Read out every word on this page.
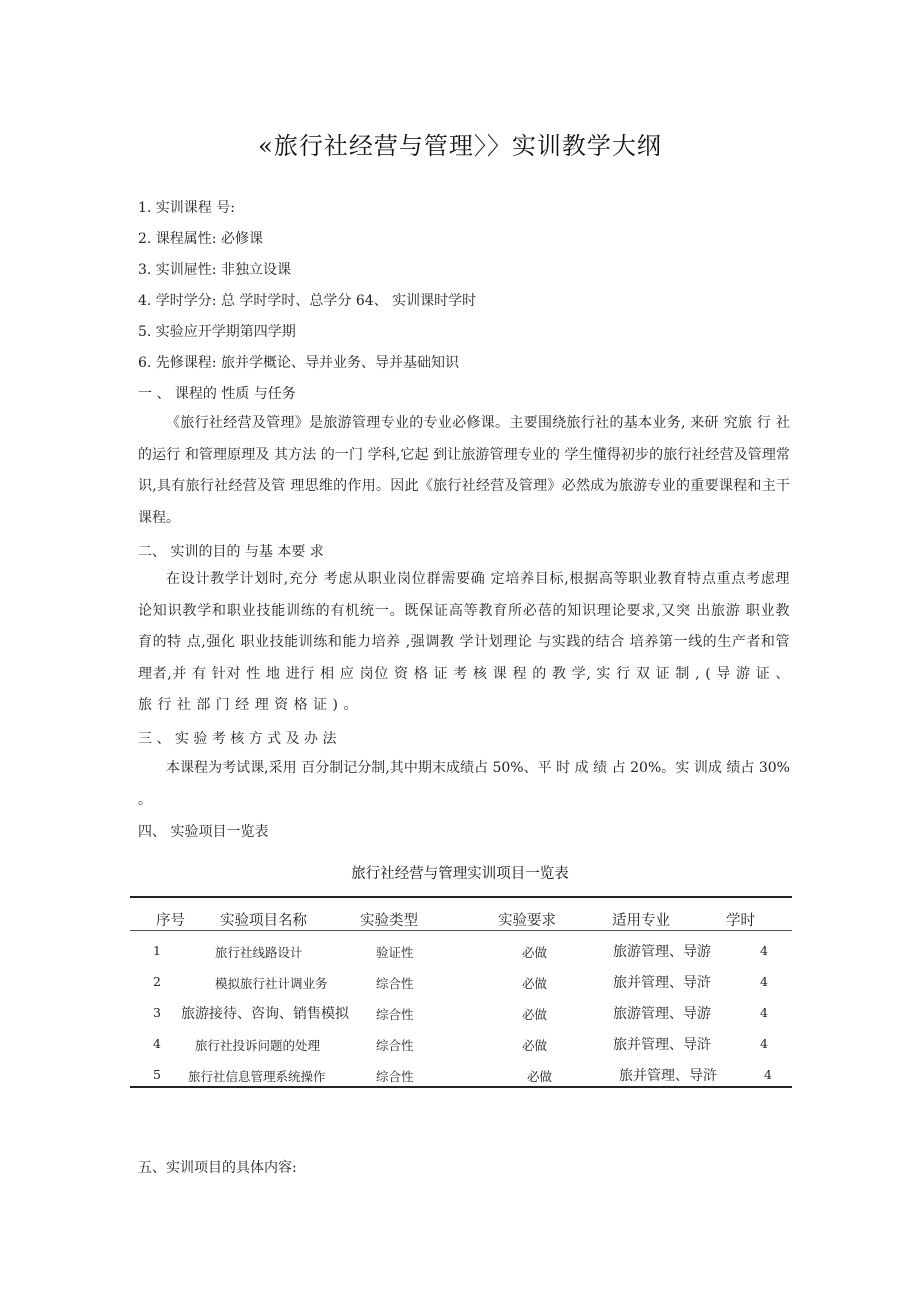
«旅行社经营与管理〉〉实训教学大纲
1. 实训课程 号:
2. 课程属性: 必修课
3. 实训屉性: 非独立设课
4. 学时学分: 总 学时学时、总学分 64、 实训课时学时
5. 实验应开学期第四学期
6. 先修课程: 旅并学概论、导并业务、导并基础知识
一 、 课程的 性质 与任务
《旅行社经营及管理》是旅游管理专业的专业必修课。主要围绕旅行社的基本业务, 来研 究旅 行 社的运行 和管理原理及 其方法 的一门 学科,它起 到让旅游管理专业的 学生懂得初步的旅行社经营及管理常识,具有旅行社经营及管 理思维的作用。因此《旅行社经营及管理》必然成为旅游专业的重要课程和主干课程。
二、 实训的目的 与基 本要 求
在设计教学计划时,充分 考虑从职业岗位群需要确 定培养目标,根据高等职业教育特点重点考虑理论知识教学和职业技能训练的有机统一。既保证高等教育所必蓓的知识理论要求,又突 出旅游 职业教 育的特 点,强化 职业技能训练和能力培养 ,强调教 学计划理论 与实践的结合 培养第一线的生产者和管理者,并 有 针对 性 地 进行 相 应 岗位 资 格 证 考 核 课 程 的 教 学, 实 行 双 证 制 , ( 导 游 证 、 旅 行 社 部 门 经 理 资 格 证 ) 。
三 、 实 验 考 核 方 式 及 办 法
本课程为考试课,采用 百分制记分制,其中期末成绩占 50%、平 时 成 绩 占 20%。实 训成 绩占 30% 。
四、 实验项目一览表
旅行社经营与管理实训项目一览表
序号 实验项目名称	实验类型	实验要求	适用专业	学时
1	旅行社线路设计	验证性	必做	旅游管理、导游	4
2	模拟旅行社计调业务	综合性	必做	旅并管理、导浒	4
3 旅游接待、咨询、销售模拟 综合性	必做	旅游管理、导游	4
4	旅行社投诉问题的处理	综合性	必做	旅并管理、导浒	4
5 旅行社信息管理系统操作	综合性	必做	旅并管理、导浒	4
五、实训项目的具体内容:
